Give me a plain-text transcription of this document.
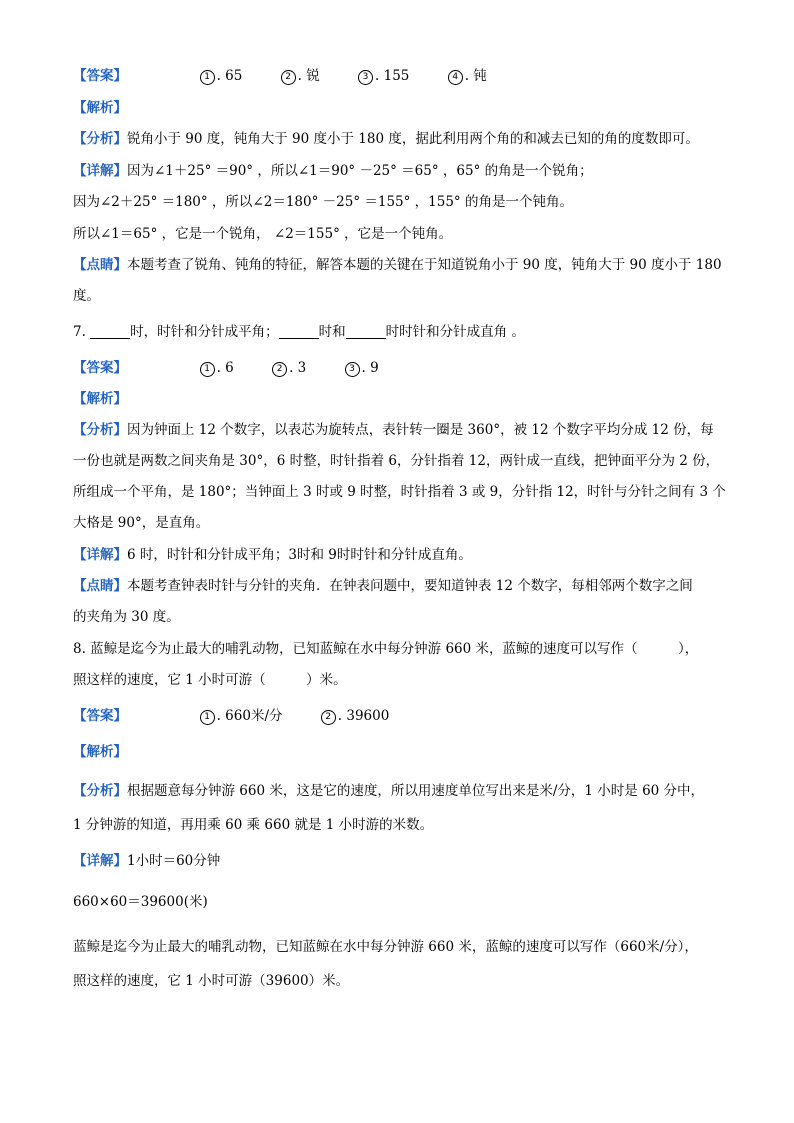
【答案】	1 . 65	2 . 锐	3 . 155	4 . 钝
【解析】
【分析】锐角小于 90 度，钝角大于 90 度小于 180 度，据此利用两个角的和减去已知的角的度数即可。
【详解】因为∠1＋25° ＝90° ，所以∠1＝90° －25° ＝65° ，65° 的角是一个锐角；
因为∠2＋25° ＝180° ，所以∠2＝180° －25° ＝155° ，155° 的角是一个钝角。
所以∠1＝65° ，它是一个锐角， ∠2＝155° ，它是一个钝角。
【点睛】本题考查了锐角、钝角的特征，解答本题的关键在于知道锐角小于 90 度，钝角大于 90 度小于 180
度。
7.	时，时针和分针成平角；	时和	时时针和分针成直角 。
【答案】	1 . 6	2 . 3	3 . 9
【解析】
【分析】因为钟面上 12 个数字，以表芯为旋转点，表针转一圈是 360°，被 12 个数字平均分成 12 份，每
一份也就是两数之间夹角是 30°，6 时整，时针指着 6，分针指着 12，两针成一直线，把钟面平分为 2 份，
所组成一个平角，是 180°；当钟面上 3 时或 9 时整，时针指着 3 或 9，分针指 12，时针与分针之间有 3 个
大格是 90°，是直角。
【详解】6 时，时针和分针成平角；3时和 9时时针和分针成直角。
【点睛】本题考查钟表时针与分针的夹角．在钟表问题中，要知道钟表 12 个数字，每相邻两个数字之间
的夹角为 30 度。
8. 蓝鲸是迄今为止最大的哺乳动物，已知蓝鲸在水中每分钟游 660 米，蓝鲸的速度可以写作（　　　），
照这样的速度，它 1 小时可游（　　　）米。
【答案】	1 . 660米/分	2 . 39600
【解析】
【分析】根据题意每分钟游 660 米，这是它的速度，所以用速度单位写出来是米/分，1 小时是 60 分中，
1 分钟游的知道，再用乘 60 乘 660 就是 1 小时游的米数。
【详解】1小时＝60分钟
660×60＝39600(米)
蓝鲸是迄今为止最大的哺乳动物，已知蓝鲸在水中每分钟游 660 米，蓝鲸的速度可以写作（660米/分），
照这样的速度，它 1 小时可游（39600）米。
